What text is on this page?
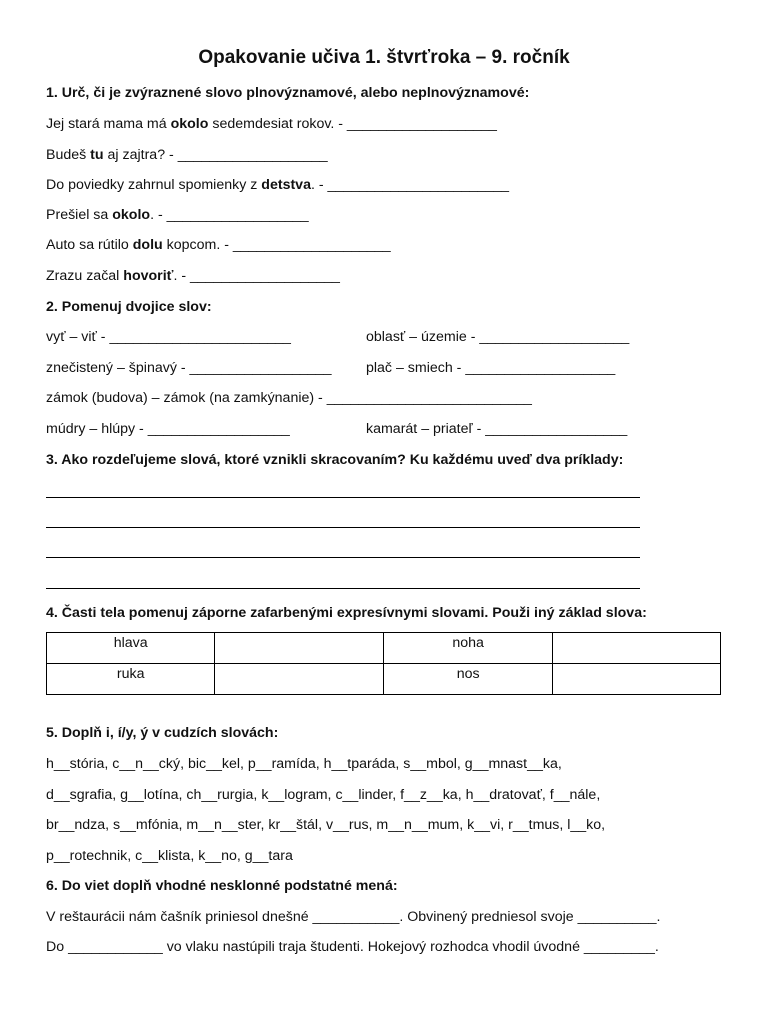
Opakovanie učiva 1. štvrťroka – 9. ročník
1. Urč, či je zvýraznené slovo plnovýznamové, alebo neplnovýznamové:
Jej stará mama má okolo sedemdesiat rokov. - ___________________
Budeš tu aj zajtra? - ___________________
Do poviedky zahrnul spomienky z detstva. - _______________________
Prešiel sa okolo. - __________________
Auto sa rútilo dolu kopcom. - ____________________
Zrazu začal hovoriť. - ___________________
2. Pomenuj dvojice slov:
vyť – viť - _______________________	oblasť – územie - ___________________
znečistený – špinavý - __________________ plač – smiech - ___________________
zámok (budova) – zámok (na zamkýnanie) - __________________________
múdry – hlúpy - __________________	kamarát – priateľ - __________________
3. Ako rozdeľujeme slová, ktoré vznikli skracovaním? Ku každému uveď dva príklady:
4. Časti tela pomenuj záporne zafarbenými expresívnymi slovami. Použi iný základ slova:
hlava		noha	
ruka		nos	
5. Doplň i, í/y, ý v cudzích slovách:
h__stória, c__n__cký, bic__kel, p__ramída, h__tparáda, s__mbol, g__mnast__ka,
d__sgrafia, g__lotína, ch__rurgia, k__logram, c__linder, f__z__ka, h__dratovať, f__nále,
br__ndza, s__mfónia, m__n__ster, kr__štál, v__rus, m__n__mum, k__vi, r__tmus, l__ko,
p__rotechnik, c__klista, k__no, g__tara
6. Do viet doplň vhodné nesklonné podstatné mená:
V reštaurácii nám čašník priniesol dnešné ___________. Obvinený predniesol svoje __________.
Do ____________ vo vlaku nastúpili traja študenti. Hokejový rozhodca vhodil úvodné _________.
